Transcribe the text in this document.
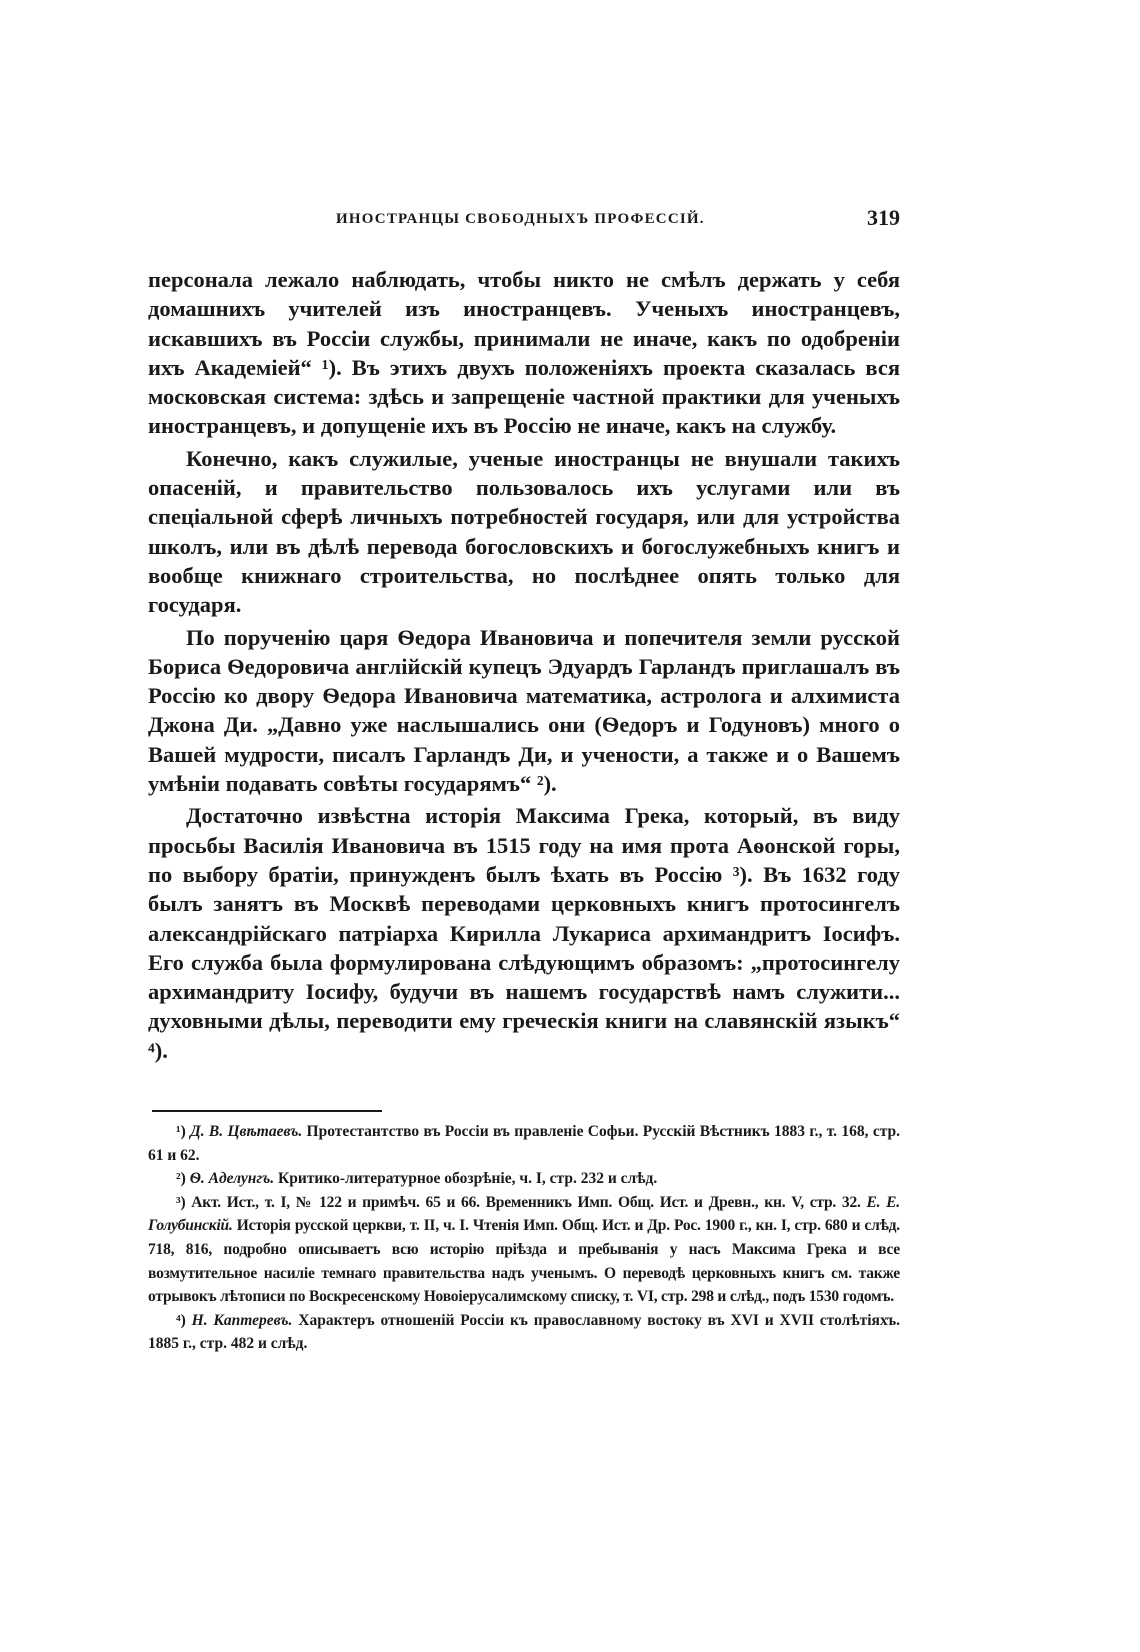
ИНОСТРАНЦЫ СВОБОДНЫХЪ ПРОФЕССІЙ.	319

персонала лежало наблюдать, чтобы никто не смѣлъ держать у себя домашнихъ учителей изъ иностранцевъ. Ученыхъ иностранцевъ, искавшихъ въ Россіи службы, принимали не иначе, какъ по одобреніи ихъ Академіей“ ¹). Въ этихъ двухъ положеніяхъ проекта сказалась вся московская система: здѣсь и запрещеніе частной практики для ученыхъ иностранцевъ, и допущеніе ихъ въ Россію не иначе, какъ на службу.

Конечно, какъ служилые, ученые иностранцы не внушали такихъ опасеній, и правительство пользовалось ихъ услугами или въ спеціальной сферѣ личныхъ потребностей государя, или для устройства школъ, или въ дѣлѣ перевода богословскихъ и богослужебныхъ книгъ и вообще книжнаго строительства, но послѣднее опять только для государя.

По порученію царя Ѳедора Ивановича и попечителя земли русской Бориса Ѳедоровича англійскій купецъ Эдуардъ Гарландъ приглашалъ въ Россію ко двору Ѳедора Ивановича математика, астролога и алхимиста Джона Ди. „Давно уже наслышались они (Ѳедоръ и Годуновъ) много о Вашей мудрости, писалъ Гарландъ Ди, и учености, а также и о Вашемъ умѣніи подавать совѣты государямъ“ ²).

Достаточно извѣстна исторія Максима Грека, который, въ виду просьбы Василія Ивановича въ 1515 году на имя прота Аѳонской горы, по выбору братіи, принужденъ былъ ѣхать въ Россію ³). Въ 1632 году былъ занятъ въ Москвѣ переводами церковныхъ книгъ протосингелъ александрійскаго патріарха Кирилла Лукариса архимандритъ Іосифъ. Его служба была формулирована слѣдующимъ образомъ: „протосингелу архимандриту Іосифу, будучи въ нашемъ государствѣ намъ служити... духовными дѣлы, переводити ему греческія книги на славянскій языкъ“ ⁴).

¹) Д. В. Цвѣтаевъ. Протестантство въ Россіи въ правленіе Софьи. Русскій Вѣстникъ 1883 г., т. 168, стр. 61 и 62.

²) Ѳ. Аделунгъ. Критико-литературное обозрѣніе, ч. I, стр. 232 и слѣд.

³) Акт. Ист., т. I, № 122 и примѣч. 65 и 66. Временникъ Имп. Общ. Ист. и Древн., кн. V, стр. 32. Е. Е. Голубинскій. Исторія русской церкви, т. II, ч. I. Чтенія Имп. Общ. Ист. и Др. Рос. 1900 г., кн. I, стр. 680 и слѣд. 718, 816, подробно описываетъ всю исторію пріѣзда и пребыванія у насъ Максима Грека и все возмутительное насиліе темнаго правительства надъ ученымъ. О переводѣ церковныхъ книгъ см. также отрывокъ лѣтописи по Воскресенскому Новоіерусалимскому списку, т. VI, стр. 298 и слѣд., подъ 1530 годомъ.

⁴) Н. Каптеревъ. Характеръ отношеній Россіи къ православному востоку въ XVI и XVII столѣтіяхъ. 1885 г., стр. 482 и слѣд.
